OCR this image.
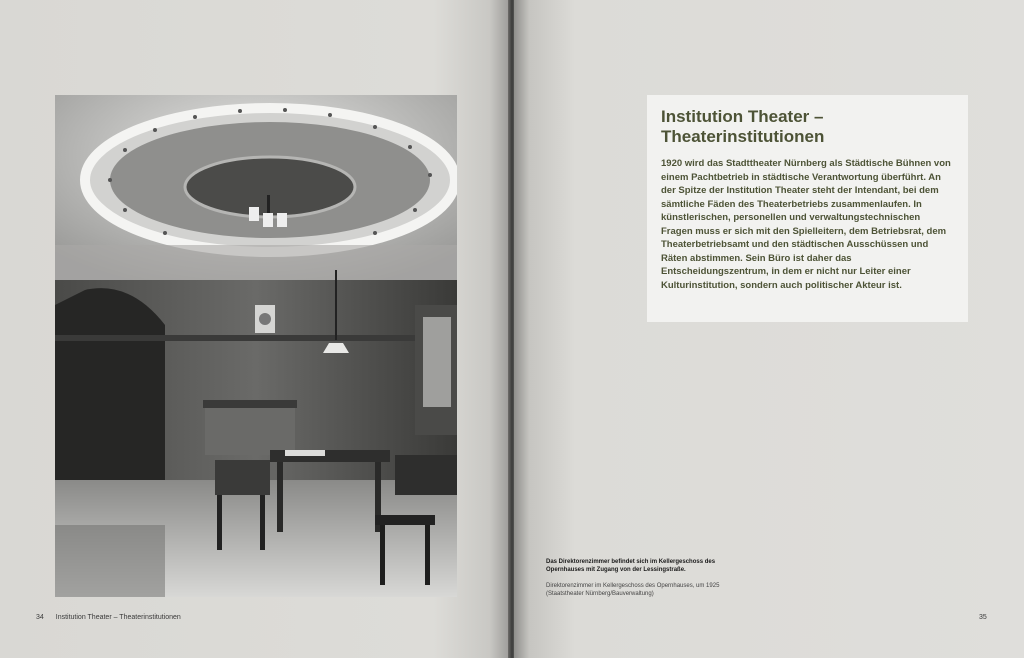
34 Institution Theater – Theaterinstitutionen
Institution Theater –
Theaterinstitutionen

1920 wird das Stadttheater Nürnberg als Städtische Bühnen von einem Pachtbetrieb in städtische Verantwortung überführt. An der Spitze der Institution Theater steht der Intendant, bei dem sämtliche Fäden des Theaterbetriebs zusammenlaufen. In künstlerischen, personellen und verwaltungstechnischen Fragen muss er sich mit den Spielleitern, dem Betriebsrat, dem Theaterbetriebsamt und den städtischen Ausschüssen und Räten abstimmen. Sein Büro ist daher das Entscheidungszentrum, in dem er nicht nur Leiter einer Kulturinstitution, sondern auch politischer Akteur ist.

Das Direktorenzimmer befindet sich im Kellergeschoss des
Opernhauses mit Zugang von der Lessingstraße.
Direktorenzimmer im Kellergeschoss des Opernhauses, um 1925
(Staatstheater Nürnberg/Bauverwaltung)
35
